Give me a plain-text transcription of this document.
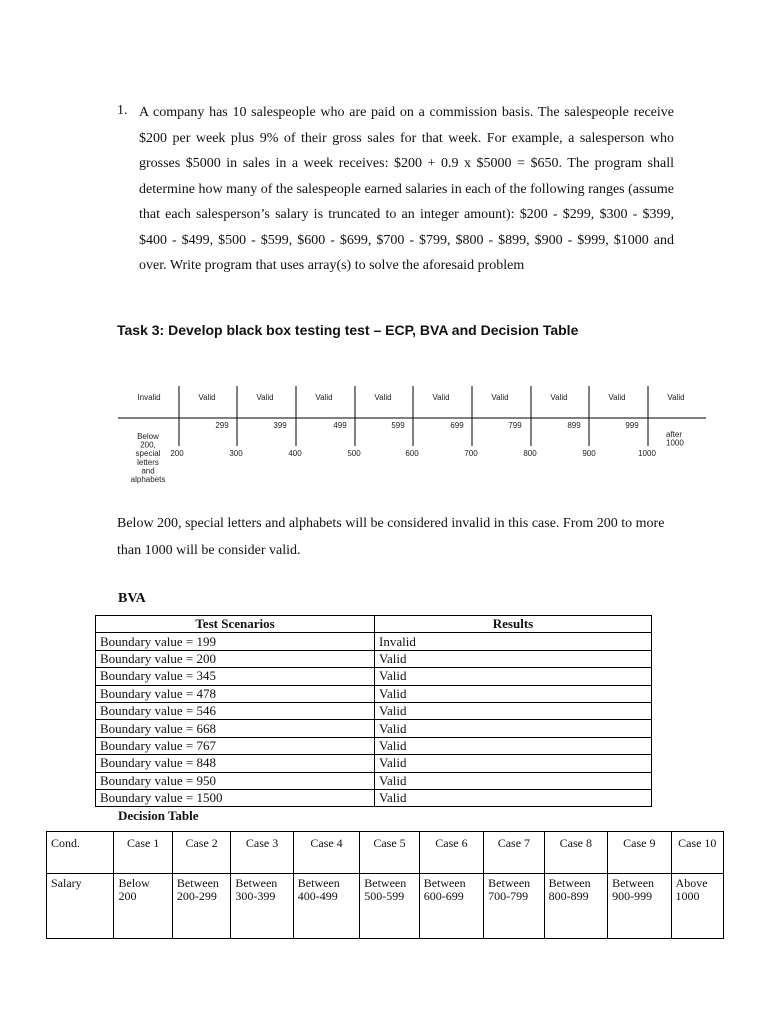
1. A company has 10 salespeople who are paid on a commission basis. The salespeople receive $200 per week plus 9% of their gross sales for that week. For example, a salesperson who grosses $5000 in sales in a week receives: $200 + 0.9 x $5000 = $650. The program shall determine how many of the salespeople earned salaries in each of the following ranges (assume that each salesperson’s salary is truncated to an integer amount): $200 - $299, $300 - $399, $400 - $499, $500 - $599, $600 - $699, $700 - $799, $800 - $899, $900 - $999, $1000 and over. Write program that uses array(s) to solve the aforesaid problem

Task 3: Develop black box testing test – ECP, BVA and Decision Table
Invalid	Valid	Valid	Valid	Valid	Valid	Valid	Valid	Valid	Valid
299	399	499	599	699	799	899	999
200	300	400	500	600	700	800	900	1000
Below
200,
special
letters
and
alphabets
after
1000

Below 200, special letters and alphabets will be considered invalid in this case. From 200 to more than 1000 will be consider valid.

BVA
Test Scenarios	Results
Boundary value = 199	Invalid
Boundary value = 200	Valid
Boundary value = 345	Valid
Boundary value = 478	Valid
Boundary value = 546	Valid
Boundary value = 668	Valid
Boundary value = 767	Valid
Boundary value = 848	Valid
Boundary value = 950	Valid
Boundary value = 1500	Valid
Decision Table
Cond.	Case 1	Case 2	Case 3	Case 4	Case 5	Case 6	Case 7	Case 8	Case 9	Case 10
Salary	Below 200	Between 200-299	Between 300-399	Between 400-499	Between 500-599	Between 600-699	Between 700-799	Between 800-899	Between 900-999	Above 1000
